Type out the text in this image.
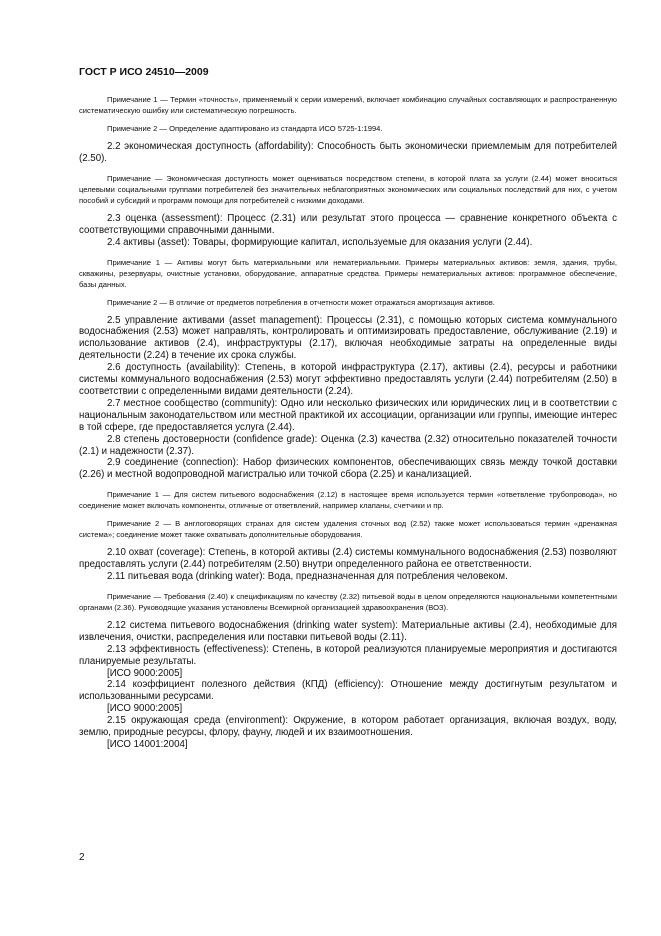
ГОСТ Р ИСО 24510—2009

Примечание 1 — Термин «точность», применяемый к серии измерений, включает комбинацию случайных составляющих и распространенную систематическую ошибку или систематическую погрешность.

Примечание 2 — Определение адаптировано из стандарта ИСО 5725-1:1994.

2.2 экономическая доступность (affordability): Способность быть экономически приемлемым для потребителей (2.50).

Примечание — Экономическая доступность может оцениваться посредством степени, в которой плата за услуги (2.44) может вноситься целевыми социальными группами потребителей без значительных неблагоприятных экономических или социальных последствий для них, с учетом пособий и субсидий и программ помощи для потребителей с низкими доходами.

2.3 оценка (assessment): Процесс (2.31) или результат этого процесса — сравнение конкретного объекта с соответствующими справочными данными.

2.4 активы (asset): Товары, формирующие капитал, используемые для оказания услуги (2.44).

Примечание 1 — Активы могут быть материальными или нематериальными. Примеры материальных активов: земля, здания, трубы, скважины, резервуары, очистные установки, оборудование, аппаратные средства. Примеры нематериальных активов: программное обеспечение, базы данных.

Примечание 2 — В отличие от предметов потребления в отчетности может отражаться амортизация активов.

2.5 управление активами (asset management): Процессы (2.31), с помощью которых система коммунального водоснабжения (2.53) может направлять, контролировать и оптимизировать предоставление, обслуживание (2.19) и использование активов (2.4), инфраструктуры (2.17), включая необходимые затраты на определенные виды деятельности (2.24) в течение их срока службы.

2.6 доступность (availability): Степень, в которой инфраструктура (2.17), активы (2.4), ресурсы и работники системы коммунального водоснабжения (2.53) могут эффективно предоставлять услуги (2.44) потребителям (2.50) в соответствии с определенными видами деятельности (2.24).

2.7 местное сообщество (community): Одно или несколько физических или юридических лиц и в соответствии с национальным законодательством или местной практикой их ассоциации, организации или группы, имеющие интерес в той сфере, где предоставляется услуга (2.44).

2.8 степень достоверности (confidence grade): Оценка (2.3) качества (2.32) относительно показателей точности (2.1) и надежности (2.37).

2.9 соединение (connection): Набор физических компонентов, обеспечивающих связь между точкой доставки (2.26) и местной водопроводной магистралью или точкой сбора (2.25) и канализацией.

Примечание 1 — Для систем питьевого водоснабжения (2.12) в настоящее время используется термин «ответвление трубопровода», но соединение может включать компоненты, отличные от ответвлений, например клапаны, счетчики и пр.

Примечание 2 — В англоговорящих странах для систем удаления сточных вод (2.52) также может использоваться термин «дренажная система»; соединение может также охватывать дополнительные оборудования.

2.10 охват (coverage): Степень, в которой активы (2.4) системы коммунального водоснабжения (2.53) позволяют предоставлять услуги (2.44) потребителям (2.50) внутри определенного района ее ответственности.

2.11 питьевая вода (drinking water): Вода, предназначенная для потребления человеком.

Примечание — Требования (2.40) к спецификациям по качеству (2.32) питьевой воды в целом определяются национальными компетентными органами (2.36). Руководящие указания установлены Всемирной организацией здравоохранения (ВОЗ).

2.12 система питьевого водоснабжения (drinking water system): Материальные активы (2.4), необходимые для извлечения, очистки, распределения или поставки питьевой воды (2.11).

2.13 эффективность (effectiveness): Степень, в которой реализуются планируемые мероприятия и достигаются планируемые результаты.

[ИСО 9000:2005]

2.14 коэффициент полезного действия (КПД) (efficiency): Отношение между достигнутым результатом и использованными ресурсами.

[ИСО 9000:2005]

2.15 окружающая среда (environment): Окружение, в котором работает организация, включая воздух, воду, землю, природные ресурсы, флору, фауну, людей и их взаимоотношения.

[ИСО 14001:2004]

2
